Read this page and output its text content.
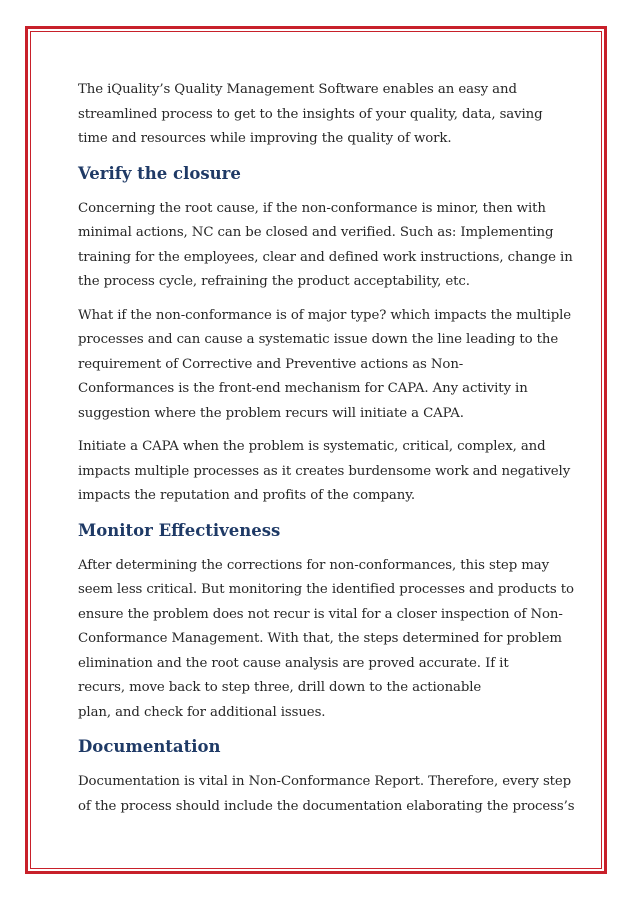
The iQuality’s Quality Management Software enables an easy and
streamlined process to get to the insights of your quality, data, saving
time and resources while improving the quality of work.

Verify the closure

Concerning the root cause, if the non-conformance is minor, then with
minimal actions, NC can be closed and verified. Such as: Implementing
training for the employees, clear and defined work instructions, change in
the process cycle, refraining the product acceptability, etc.

What if the non-conformance is of major type? which impacts the multiple
processes and can cause a systematic issue down the line leading to the
requirement of Corrective and Preventive actions as Non-
Conformances is the front-end mechanism for CAPA. Any activity in
suggestion where the problem recurs will initiate a CAPA.

Initiate a CAPA when the problem is systematic, critical, complex, and
impacts multiple processes as it creates burdensome work and negatively
impacts the reputation and profits of the company.

Monitor Effectiveness

After determining the corrections for non-conformances, this step may
seem less critical. But monitoring the identified processes and products to
ensure the problem does not recur is vital for a closer inspection of Non-
Conformance Management. With that, the steps determined for problem
elimination and the root cause analysis are proved accurate. If it
recurs, move back to step three, drill down to the actionable
plan, and check for additional issues.

Documentation

Documentation is vital in Non-Conformance Report. Therefore, every step
of the process should include the documentation elaborating the process’s
